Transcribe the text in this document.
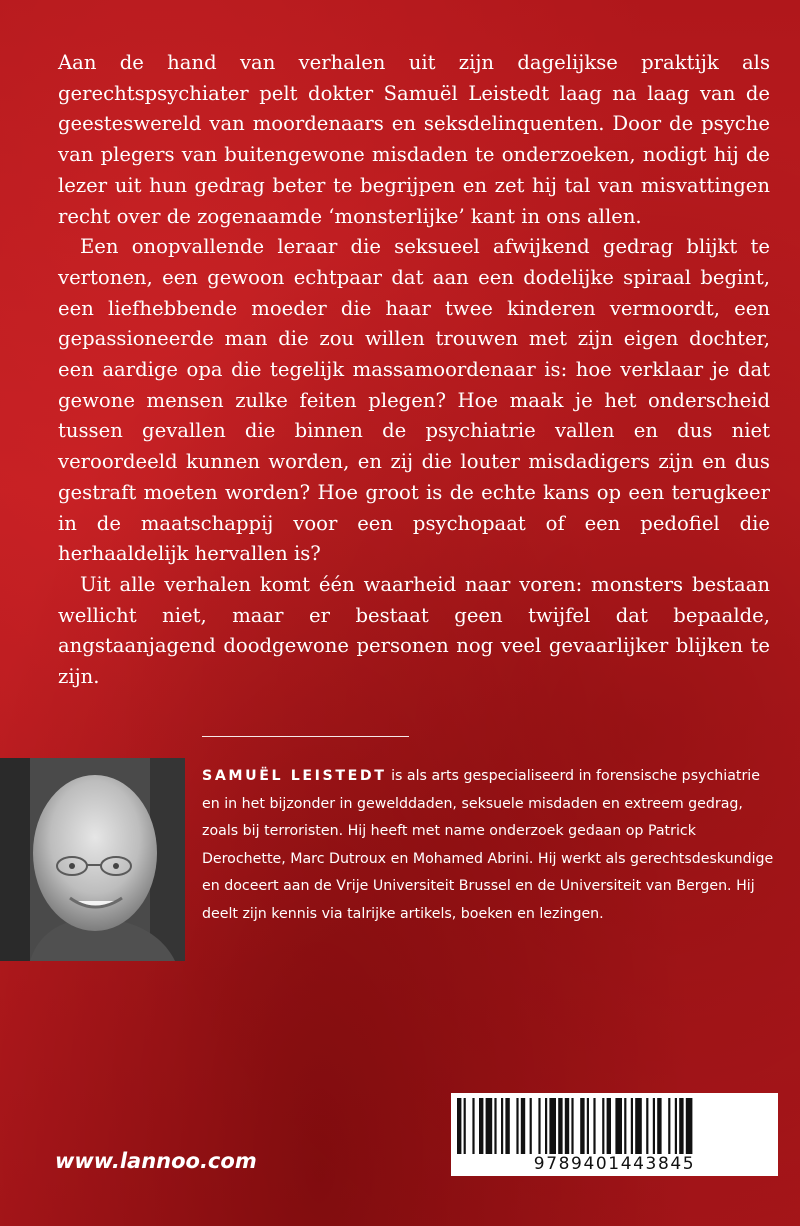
Aan de hand van verhalen uit zijn dagelijkse praktijk als gerechtspsychiater pelt dokter Samuël Leistedt laag na laag van de geesteswereld van moordenaars en seksdelinquenten. Door de psyche van plegers van buitengewone misdaden te onderzoeken, nodigt hij de lezer uit hun gedrag beter te begrijpen en zet hij tal van misvattingen recht over de zogenaamde ‘monsterlijke’ kant in ons allen.

Een onopvallende leraar die seksueel afwijkend gedrag blijkt te vertonen, een gewoon echtpaar dat aan een dodelijke spiraal begint, een liefhebbende moeder die haar twee kinderen vermoordt, een gepassioneerde man die zou willen trouwen met zijn eigen dochter, een aardige opa die tegelijk massamoordenaar is: hoe verklaar je dat gewone mensen zulke feiten plegen? Hoe maak je het onderscheid tussen gevallen die binnen de psychiatrie vallen en dus niet veroordeeld kunnen worden, en zij die louter misdadigers zijn en dus gestraft moeten worden? Hoe groot is de echte kans op een terugkeer in de maatschappij voor een psychopaat of een pedofiel die herhaaldelijk hervallen is?

Uit alle verhalen komt één waarheid naar voren: monsters bestaan wellicht niet, maar er bestaat geen twijfel dat bepaalde, angstaanjagend doodgewone personen nog veel gevaarlijker blijken te zijn.

SAMUËL LEISTEDT is als arts gespecialiseerd in forensische psychiatrie en in het bijzonder in gewelddaden, seksuele misdaden en extreem gedrag, zoals bij terroristen. Hij heeft met name onderzoek gedaan op Patrick Derochette, Marc Dutroux en Mohamed Abrini. Hij werkt als gerechtsdeskundige en doceert aan de Vrije Universiteit Brussel en de Universiteit van Bergen. Hij deelt zijn kennis via talrijke artikels, boeken en lezingen.
9789401443845
www.lannoo.com
